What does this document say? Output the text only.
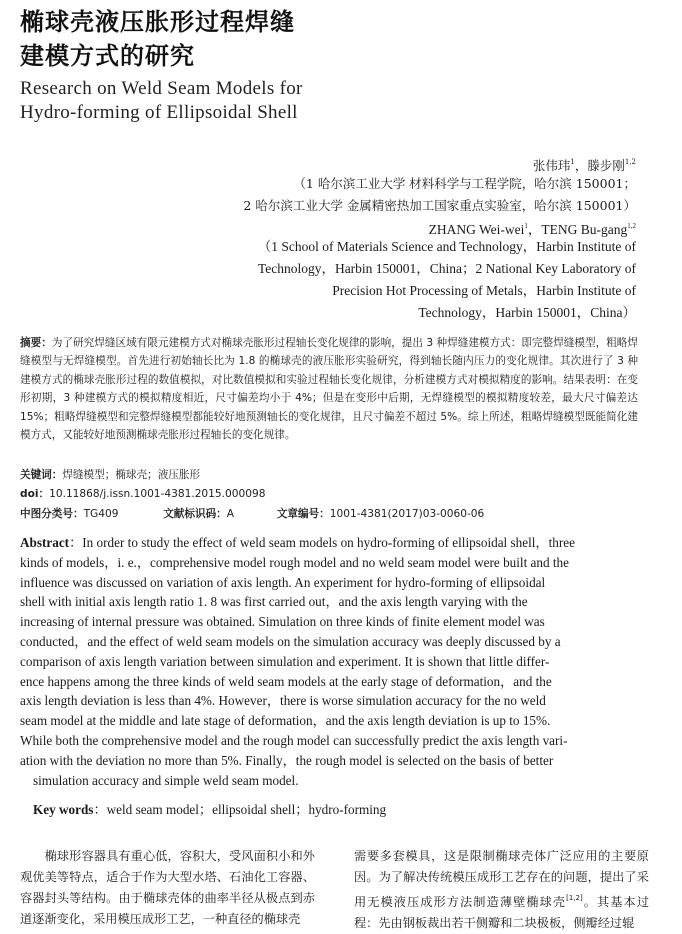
椭球壳液压胀形过程焊缝
建模方式的研究
Research on Weld Seam Models for
Hydro-forming of Ellipsoidal Shell
张伟玮$^1$，滕步刚$^{1,2}$
（1 哈尔滨工业大学 材料科学与工程学院，哈尔滨 150001；
2 哈尔滨工业大学 金属精密热加工国家重点实验室，哈尔滨 150001）
ZHANG Wei-wei$^1$，TENG Bu-gang$^{1,2}$
（1 School of Materials Science and Technology，Harbin Institute of
Technology，Harbin 150001，China；2 National Key Laboratory of
Precision Hot Processing of Metals，Harbin Institute of
Technology，Harbin 150001，China）
摘要：为了研究焊缝区域有限元建模方式对椭球壳胀形过程轴长变化规律的影响，提出 3 种焊缝建模方式：即完整焊缝模型，粗略焊缝模型与无焊缝模型。首先进行初始轴长比为 1.8 的椭球壳的液压胀形实验研究，得到轴长随内压力的变化规律。其次进行了 3 种建模方式的椭球壳胀形过程的数值模拟，对比数值模拟和实验过程轴长变化规律，分析建模方式对模拟精度的影响。结果表明：在变形初期，3 种建模方式的模拟精度相近，尺寸偏差均小于 4%；但是在变形中后期，无焊缝模型的模拟精度较差，最大尺寸偏差达 15%；粗略焊缝模型和完整焊缝模型都能较好地预测轴长的变化规律，且尺寸偏差不超过 5%。综上所述，粗略焊缝模型既能简化建模方式，又能较好地预测椭球壳胀形过程轴长的变化规律。
关键词：焊缝模型；椭球壳；液压胀形
doi：10.11868/j.issn.1001-4381.2015.000098
中图分类号：TG409	文献标识码：A	文章编号：1001-4381(2017)03-0060-06
Abstract：In order to study the effect of weld seam models on hydro-forming of ellipsoidal shell，three
kinds of models，i. e.，comprehensive model rough model and no weld seam model were built and the
influence was discussed on variation of axis length. An experiment for hydro-forming of ellipsoidal
shell with initial axis length ratio 1. 8 was first carried out，and the axis length varying with the
increasing of internal pressure was obtained. Simulation on three kinds of finite element model was
conducted，and the effect of weld seam models on the simulation accuracy was deeply discussed by a
comparison of axis length variation between simulation and experiment. It is shown that little differ-
ence happens among the three kinds of weld seam models at the early stage of deformation，and the
axis length deviation is less than 4%. However，there is worse simulation accuracy for the no weld
seam model at the middle and late stage of deformation，and the axis length deviation is up to 15%.
While both the comprehensive model and the rough model can successfully predict the axis length vari-
ation with the deviation no more than 5%. Finally，the rough model is selected on the basis of better
simulation accuracy and simple weld seam model.
Key words：weld seam model；ellipsoidal shell；hydro-forming
　　椭球形容器具有重心低，容积大，受风面积小和外观优美等特点，适合于作为大型水塔、石油化工容器、容器封头等结构。由于椭球壳体的曲率半径从极点到赤道逐渐变化，采用模压成形工艺，一种直径的椭球壳
需要多套模具，这是限制椭球壳体广泛应用的主要原因。为了解决传统模压成形工艺存在的问题，提出了采用无模液压成形方法制造薄壁椭球壳[1,2]。其基本过程：先由钢板裁出若干侧瓣和二块极板，侧瓣经过辊
